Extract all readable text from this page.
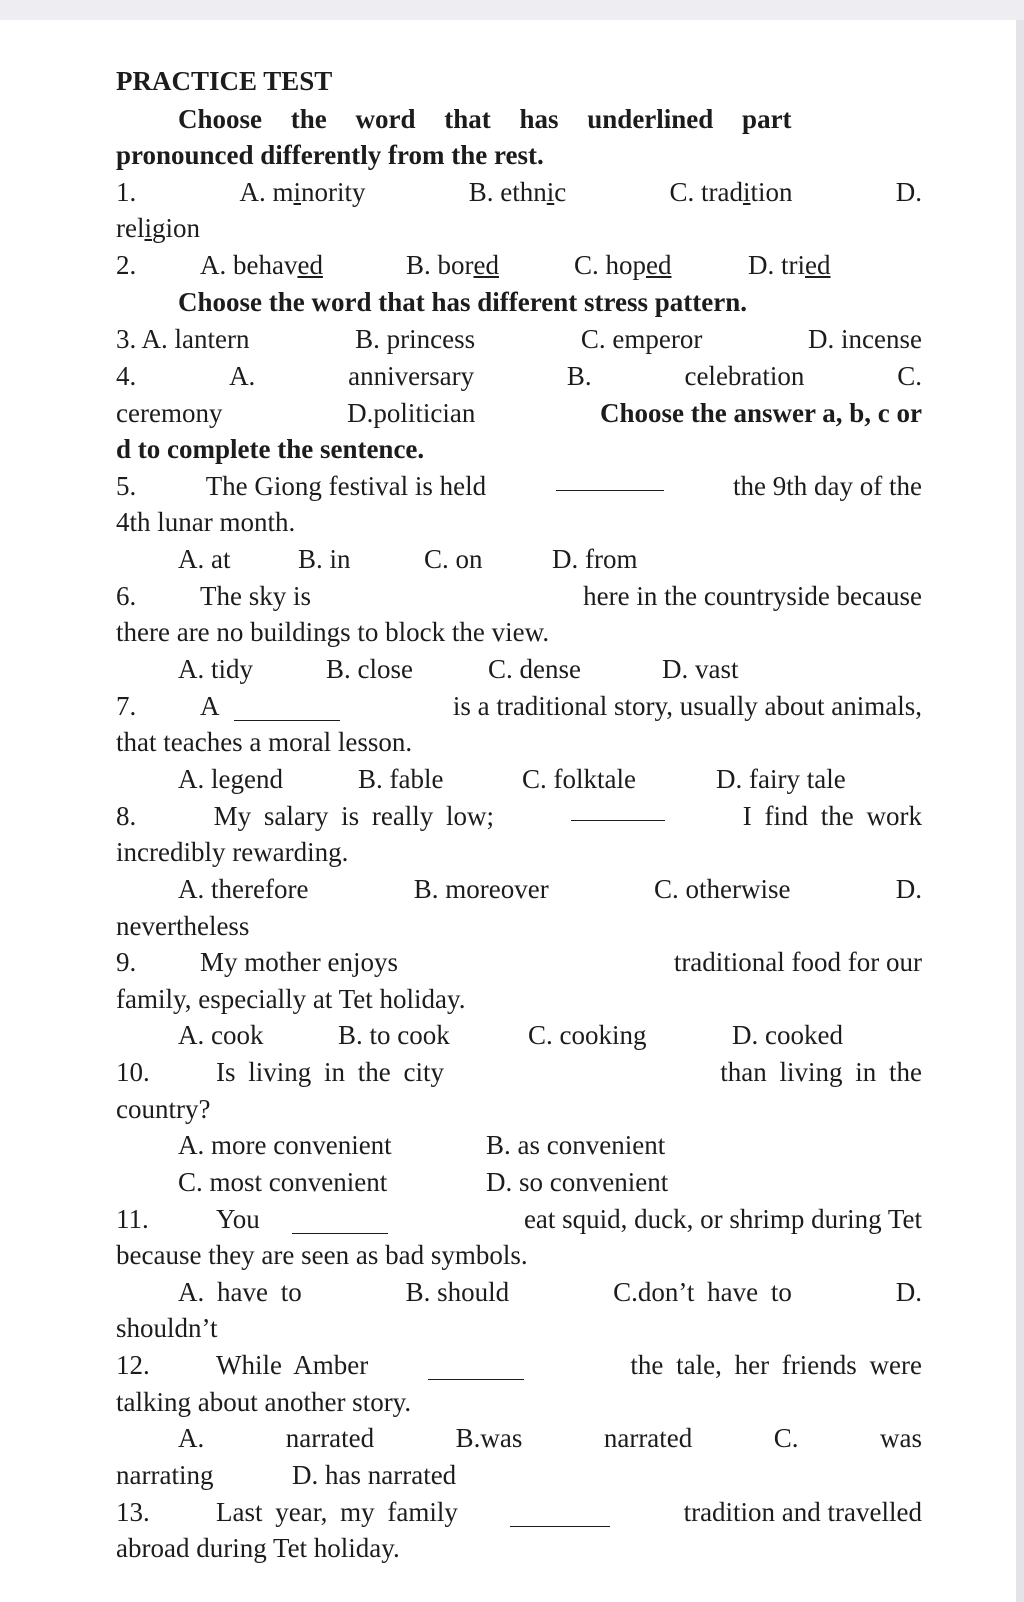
PRACTICE TEST
Choose the word that has underlined part
pronounced differently from the rest.
1.	A. minority	B. ethnic	C. tradition	D.
religion
2. A. behaved	B. bored	C. hoped	D. tried
Choose the word that has different stress pattern.
3. A. lantern	B. princess	C. emperor	D. incense
4.	A.	anniversary	B.	celebration	C.
ceremony	D.politician	Choose the answer a, b, c or
d to complete the sentence.
5.	The Giong festival is held	the 9th day of the
4th lunar month.
A. at	B. in	C. on	D. from
6. The sky is	here in the countryside because
there are no buildings to block the view.
A. tidy	B. close	C. dense	D. vast
7. A	is a traditional story, usually about animals,
that teaches a moral lesson.
A. legend	B. fable	C. folktale	D. fairy tale
8.	My salary is really low;	I find the work
incredibly rewarding.
A. therefore	B. moreover	C. otherwise	D.
nevertheless
9. My mother enjoys	traditional food for our
family, especially at Tet holiday.
A. cook	B. to cook	C. cooking	D. cooked
10. Is living in the city	than living in the
country?
A. more convenient	B. as convenient
C. most convenient	D. so convenient
11. You	eat squid, duck, or shrimp during Tet
because they are seen as bad symbols.
A. have to	B. should	C.don’t have to	D.
shouldn’t
12. While Amber	the tale, her friends were
talking about another story.
A.	narrated	B.was	narrated	C.	was
narrating	D. has narrated
13. Last year, my family	tradition and travelled
abroad during Tet holiday.
